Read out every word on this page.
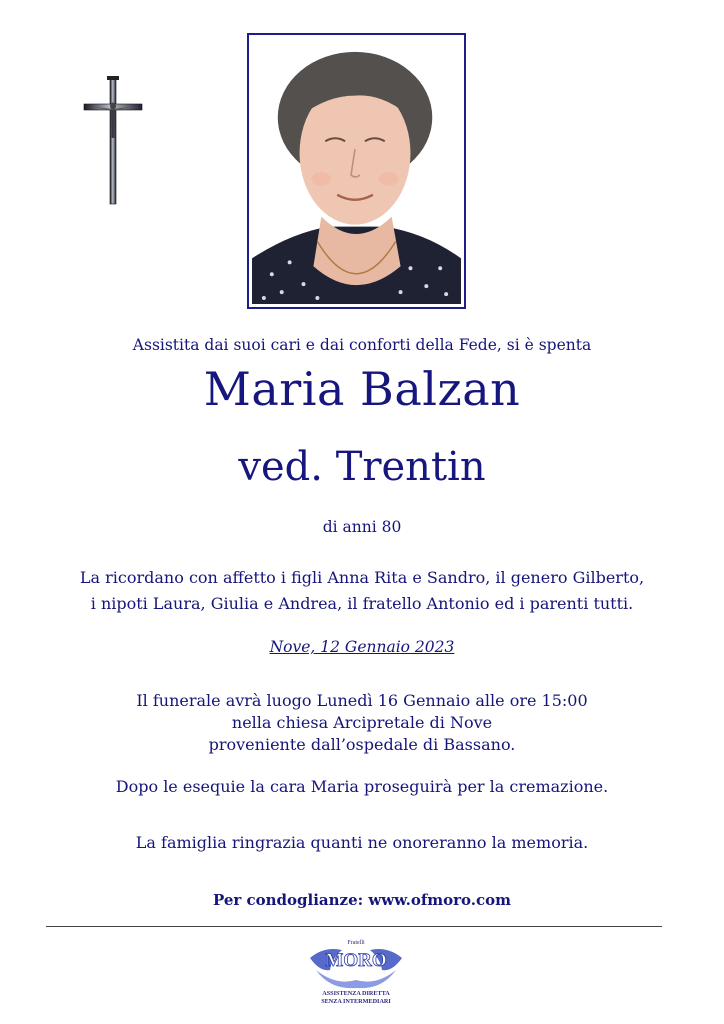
Assistita dai suoi cari e dai conforti della Fede, si è spenta
Maria Balzan
ved. Trentin
di anni 80
La ricordano con affetto i figli Anna Rita e Sandro, il genero Gilberto,
i nipoti Laura, Giulia e Andrea, il fratello Antonio ed i parenti tutti.
Nove, 12 Gennaio 2023
Il funerale avrà luogo Lunedì 16 Gennaio alle ore 15:00
nella chiesa Arcipretale di Nove
proveniente dall’ospedale di Bassano.
Dopo le esequie la cara Maria proseguirà per la cremazione.
La famiglia ringrazia quanti ne onoreranno la memoria.
Per condoglianze: www.ofmoro.com
Fratelli
MORO
ASSISTENZA DIRETTA
SENZA INTERMEDIARI
